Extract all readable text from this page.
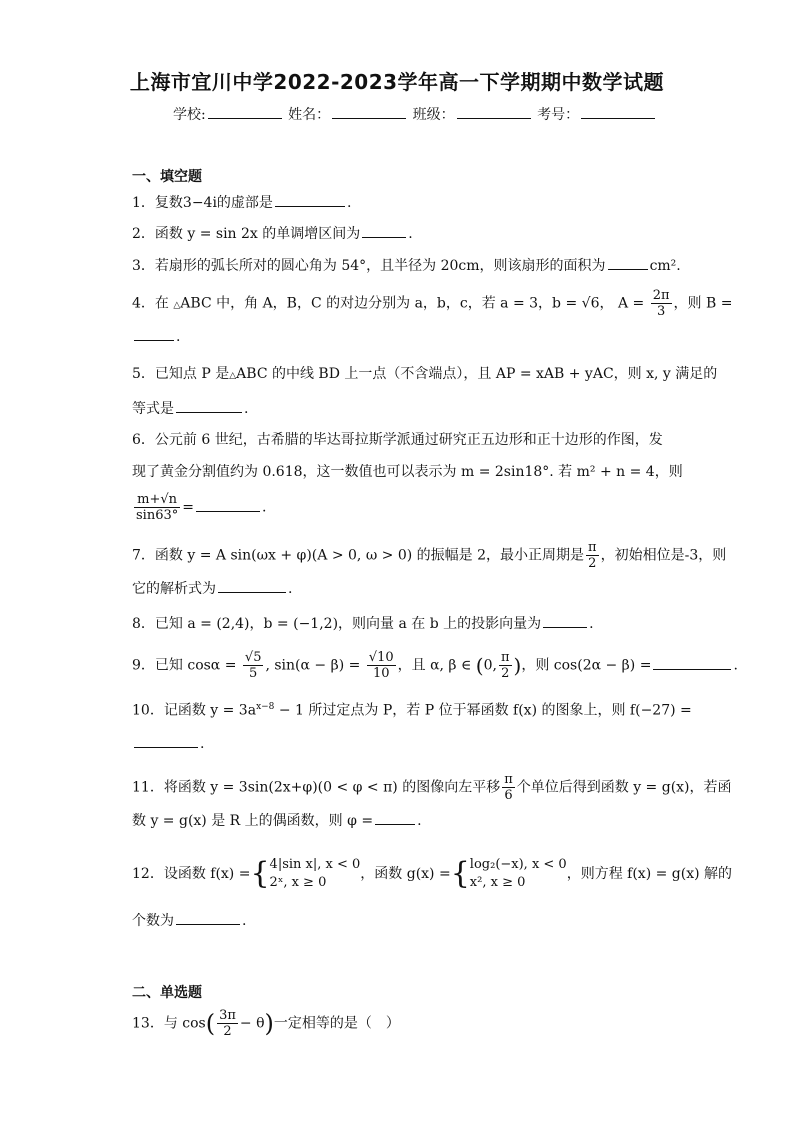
上海市宜川中学2022-2023学年高一下学期期中数学试题
学校:	姓名：	班级：	考号：
一、填空题
1．复数3−4i的虚部是	.
2．函数 y = sin 2x 的单调增区间为	.
3．若扇形的弧长所对的圆心角为 54°，且半径为 20cm，则该扇形的面积为	cm².
4．在 △ABC 中，角 A，B，C 的对边分别为 a，b，c，若 a = 3，b = √6， $A = \frac{2\pi}{3}$ ，则 B =
.
5．已知点 P 是△ABC 的中线 BD 上一点（不含端点），且 AP = xAB + yAC，则 x, y 满足的
等式是	.
6．公元前 6 世纪，古希腊的毕达哥拉斯学派通过研究正五边形和正十边形的作图，发
现了黄金分割值约为 0.618，这一数值也可以表示为 m = 2sin18°. 若 m² + n = 4，则
$\frac{m+√n}{\sin 63^\circ}$ =	.
7．函数 y = A sin(ωx + φ)(A > 0, ω > 0) 的振幅是 2，最小正周期是 $\frac{\pi}{2}$ ，初始相位是-3，则
它的解析式为	.
8．已知 a = (2,4)，b = (−1,2)，则向量 a 在 b 上的投影向量为	.
9．已知 $\cos\alpha = \frac{√5}{5}$ , $\sin(\alpha - \beta) = \frac{√10}{10}$ ，且 α, β ∈ (0, $\frac{\pi}{2}$ )，则 cos(2α − β) =	.
10．记函数 $y = 3a^{x-8} - 1$ 所过定点为 P，若 P 位于幂函数 f(x) 的图象上，则 f(−27) =
.
11．将函数 y = 3sin(2x+φ)(0 < φ < π) 的图像向左平移 $\frac{\pi}{6}$ 个单位后得到函数 y = g(x)，若函
数 y = g(x) 是 R 上的偶函数，则 φ =	.
12．设函数 f(x) ={ 4|sin x|, x < 0
2ˣ, x ≥ 0
，函数 g(x) ={ log₂(−x), x < 0
x², x ≥ 0
，则方程 f(x) = g(x) 解的
个数为	.
二、单选题
13．与 $\cos( \frac{3\pi}{2} - \theta)$一定相等的是（　）
